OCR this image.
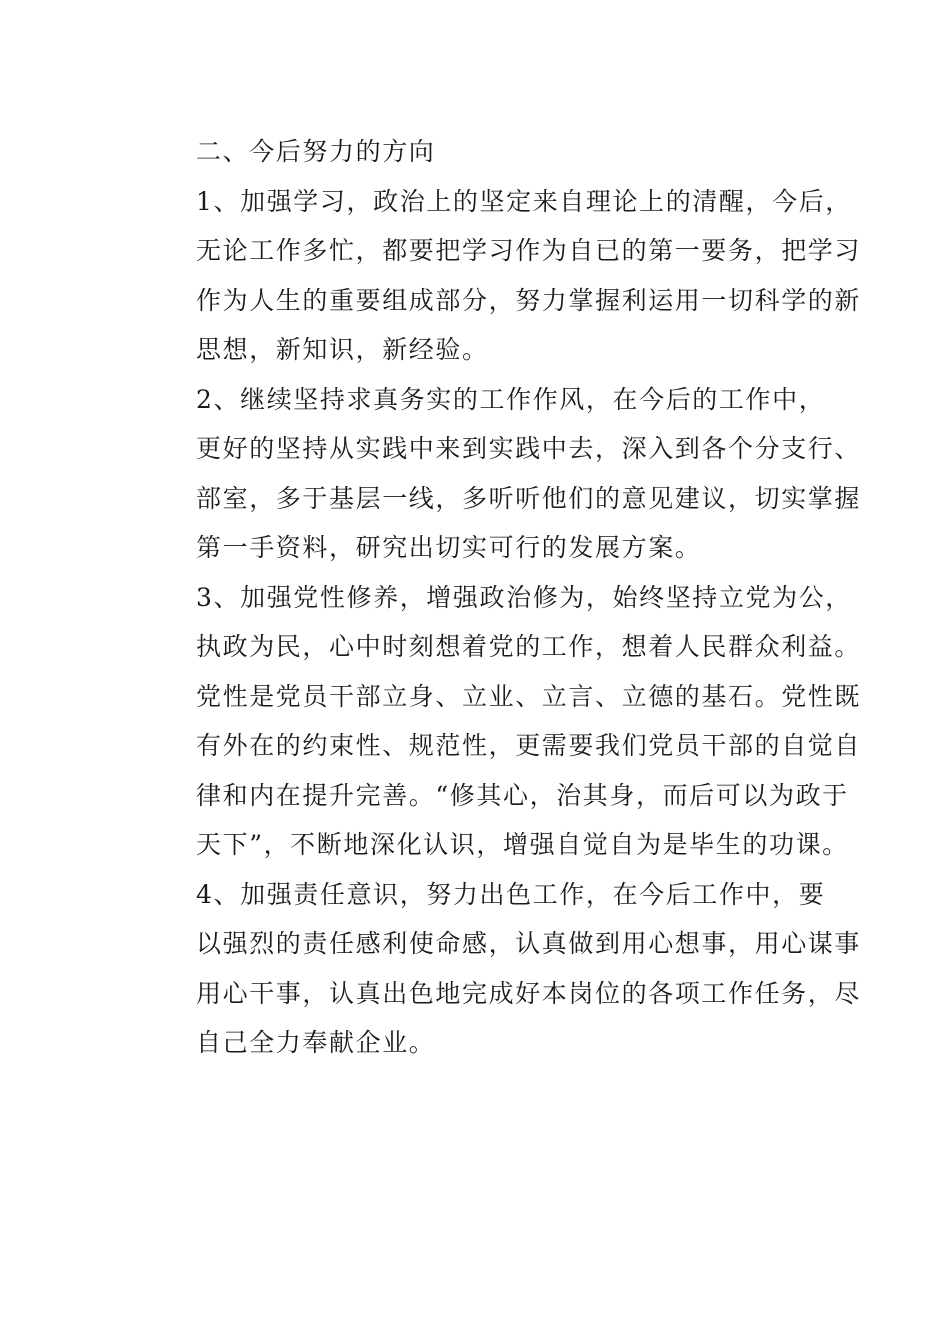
二、今后努力的方向

1、加强学习，政治上的坚定来自理论上的清醒，今后，
无论工作多忙，都要把学习作为自已的第一要务，把学习
作为人生的重要组成部分，努力掌握利运用一切科学的新
思想，新知识，新经验。

2、继续坚持求真务实的工作作风，在今后的工作中，
更好的坚持从实践中来到实践中去，深入到各个分支行、
部室，多于基层一线，多听听他们的意见建议，切实掌握
第一手资料，研究出切实可行的发展方案。

3、加强党性修养，增强政治修为，始终坚持立党为公，
执政为民，心中时刻想着党的工作，想着人民群众利益。
党性是党员干部立身、立业、立言、立德的基石。党性既
有外在的约束性、规范性，更需要我们党员干部的自觉自
律和内在提升完善。“修其心，治其身，而后可以为政于
天下”，不断地深化认识，增强自觉自为是毕生的功课。

4、加强责任意识，努力出色工作，在今后工作中，要
以强烈的责任感利使命感，认真做到用心想事，用心谋事
用心干事，认真出色地完成好本岗位的各项工作任务，尽
自己全力奉献企业。
